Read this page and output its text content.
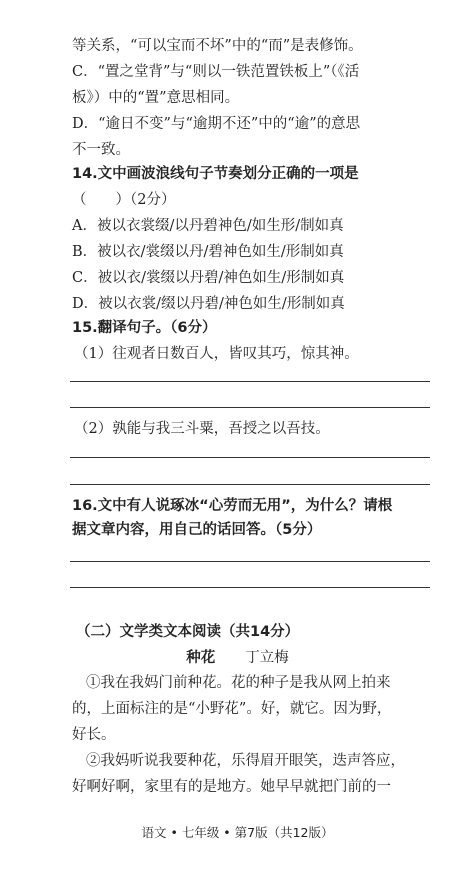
等关系，“可以宝而不坏”中的“而”是表修饰。
C．“置之堂背”与“则以一铁范置铁板上”（《活
板》）中的“置”意思相同。
D．“逾日不变”与“逾期不还”中的“逾”的意思
不一致。
14.文中画波浪线句子节奏划分正确的一项是
（　　）（2分）
A．被以衣裳缀/以丹碧神色/如生形/制如真
B．被以衣/裳缀以丹/碧神色如生/形制如真
C．被以衣/裳缀以丹碧/神色如生/形制如真
D．被以衣裳/缀以丹碧/神色如生/形制如真
15.翻译句子。（6分）
（1）往观者日数百人，皆叹其巧，惊其神。
（2）孰能与我三斗粟，吾授之以吾技。
16.文中有人说琢冰“心劳而无用”，为什么？请根
据文章内容，用自己的话回答。（5分）
（二）文学类文本阅读（共14分）
种花 丁立梅
①我在我妈门前种花。花的种子是我从网上拍来
的，上面标注的是“小野花”。好，就它。因为野，
好长。
②我妈听说我要种花，乐得眉开眼笑，迭声答应，
好啊好啊，家里有的是地方。她早早就把门前的一
语文 • 七年级 • 第7版（共12版）
